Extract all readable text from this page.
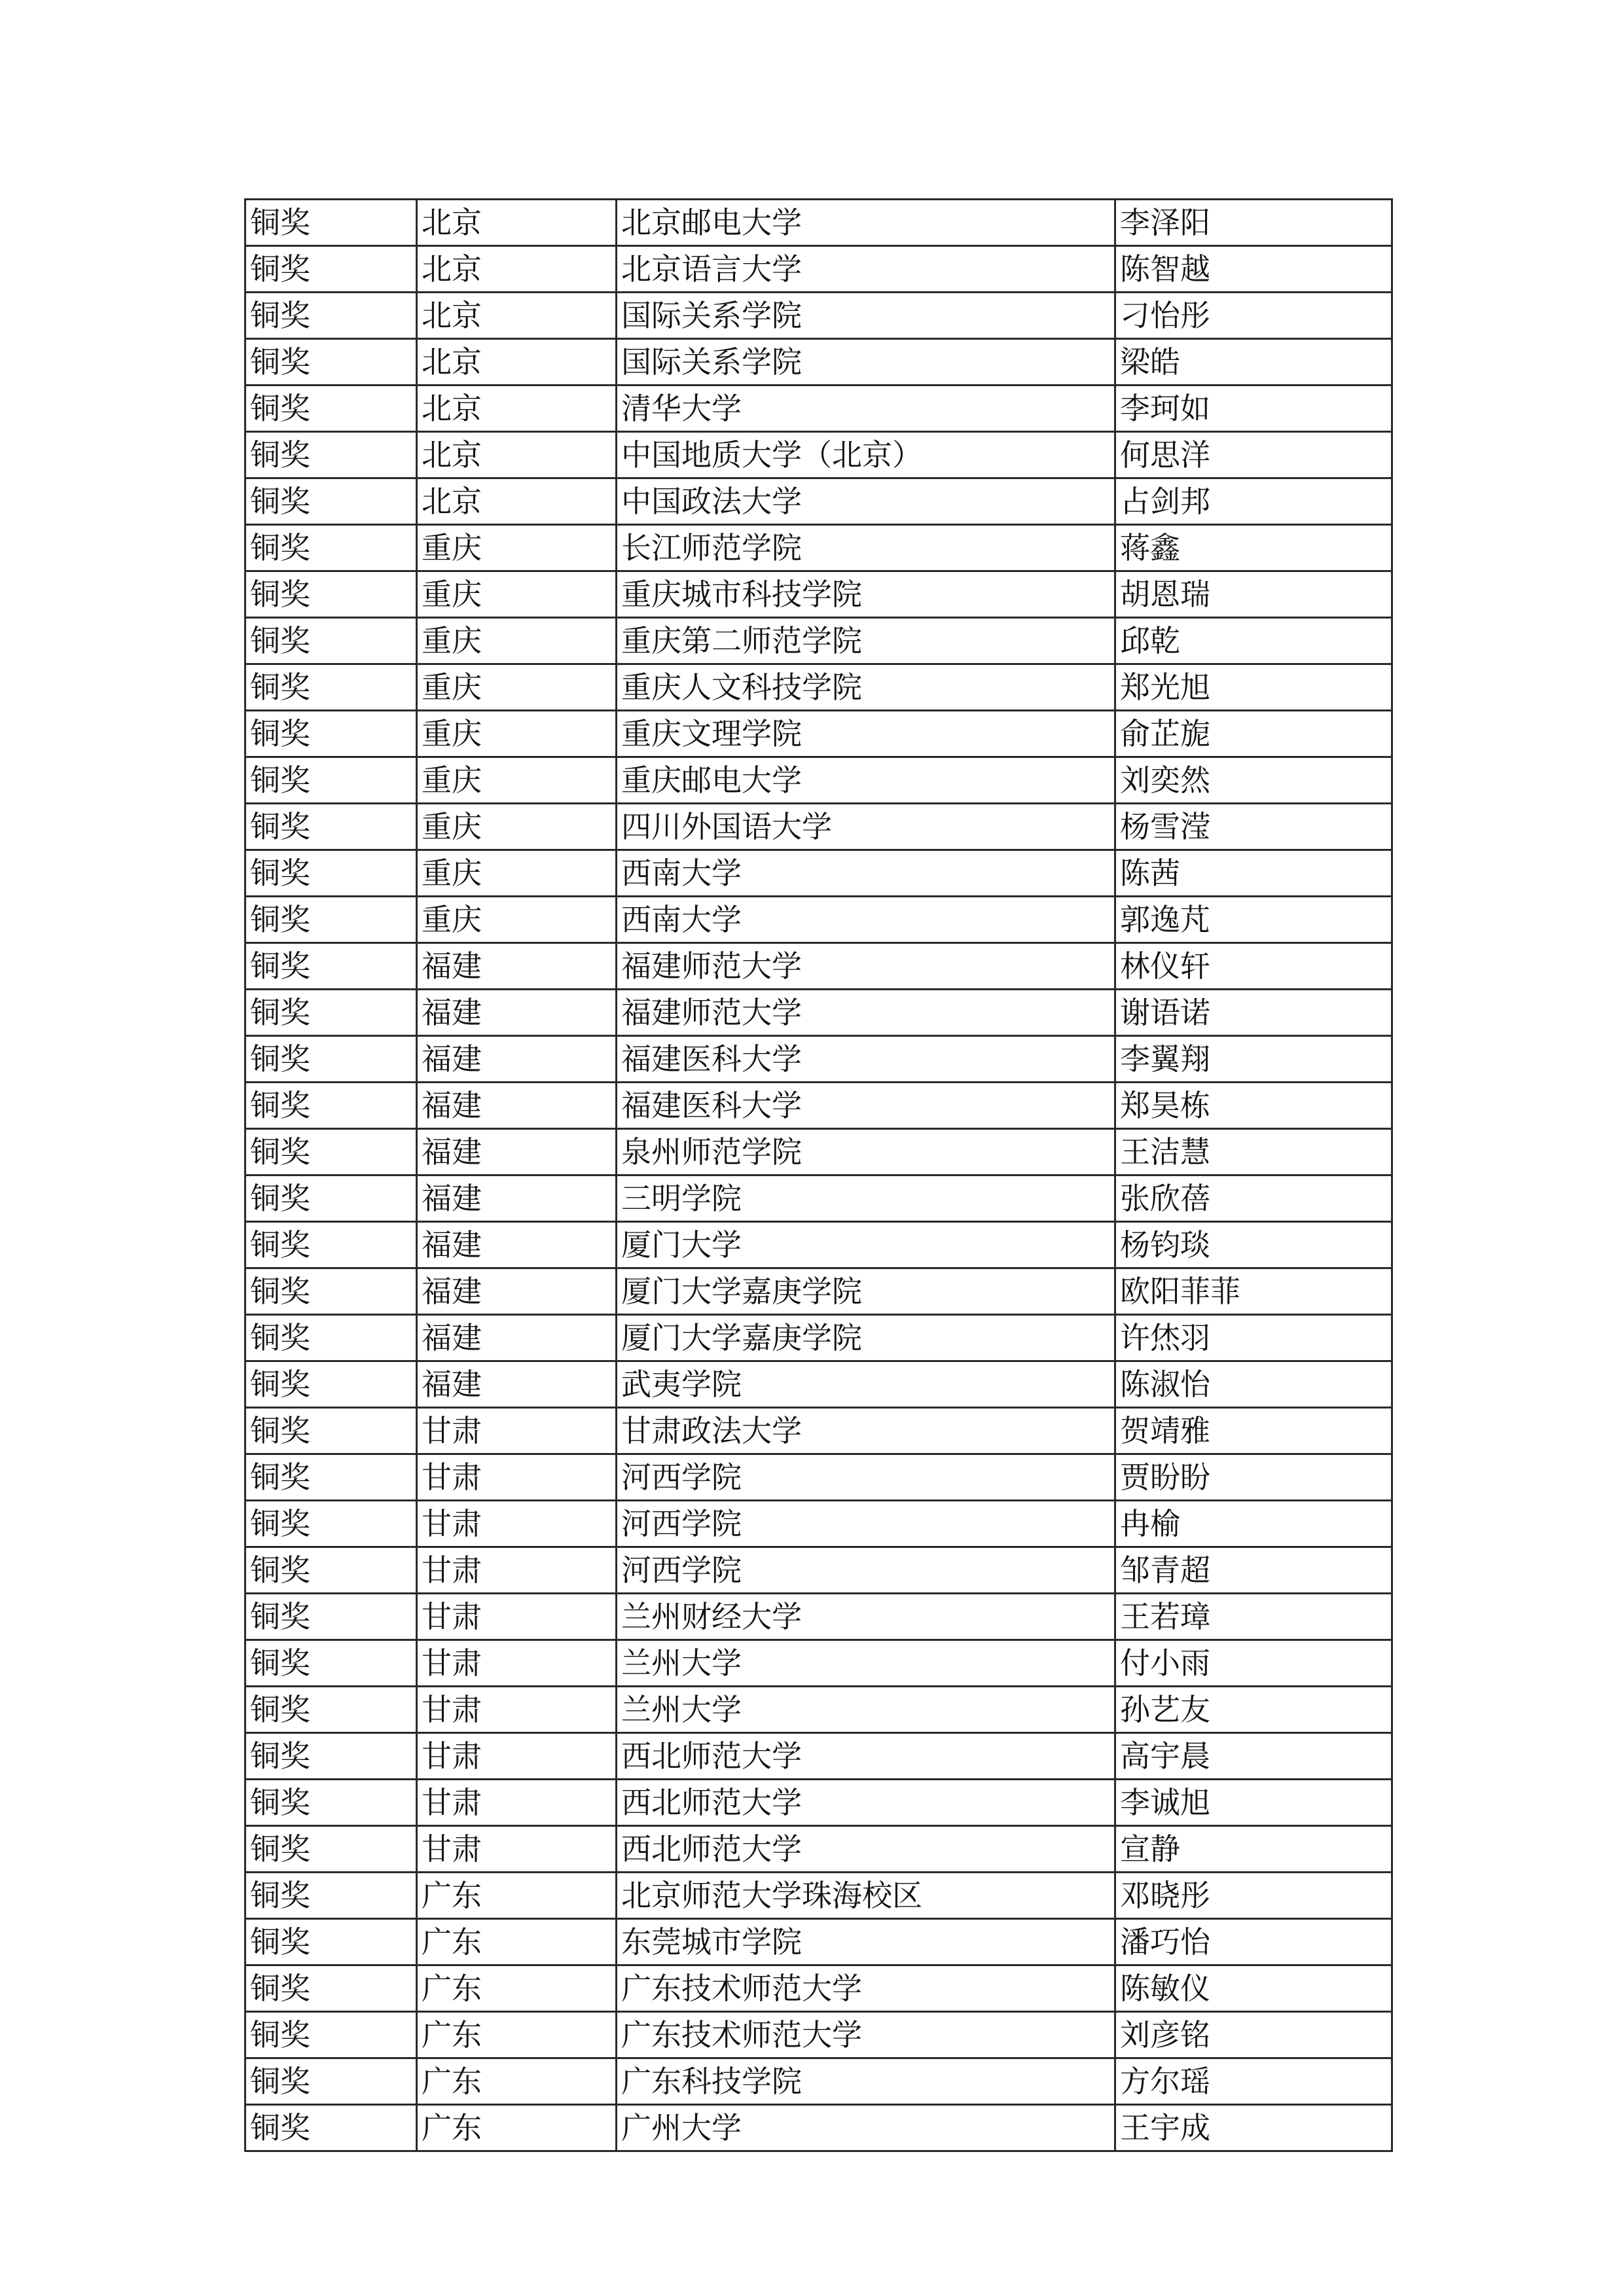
铜奖	北京	北京邮电大学	李泽阳
铜奖	北京	北京语言大学	陈智越
铜奖	北京	国际关系学院	刁怡彤
铜奖	北京	国际关系学院	梁皓
铜奖	北京	清华大学	李珂如
铜奖	北京	中国地质大学（北京）	何思洋
铜奖	北京	中国政法大学	占剑邦
铜奖	重庆	长江师范学院	蒋鑫
铜奖	重庆	重庆城市科技学院	胡恩瑞
铜奖	重庆	重庆第二师范学院	邱乾
铜奖	重庆	重庆人文科技学院	郑光旭
铜奖	重庆	重庆文理学院	俞芷旎
铜奖	重庆	重庆邮电大学	刘奕然
铜奖	重庆	四川外国语大学	杨雪滢
铜奖	重庆	西南大学	陈茜
铜奖	重庆	西南大学	郭逸芃
铜奖	福建	福建师范大学	林仪轩
铜奖	福建	福建师范大学	谢语诺
铜奖	福建	福建医科大学	李翼翔
铜奖	福建	福建医科大学	郑昊栋
铜奖	福建	泉州师范学院	王洁慧
铜奖	福建	三明学院	张欣蓓
铜奖	福建	厦门大学	杨钧琰
铜奖	福建	厦门大学嘉庚学院	欧阳菲菲
铜奖	福建	厦门大学嘉庚学院	许烋羽
铜奖	福建	武夷学院	陈淑怡
铜奖	甘肃	甘肃政法大学	贺靖雅
铜奖	甘肃	河西学院	贾盼盼
铜奖	甘肃	河西学院	冉榆
铜奖	甘肃	河西学院	邹青超
铜奖	甘肃	兰州财经大学	王若璋
铜奖	甘肃	兰州大学	付小雨
铜奖	甘肃	兰州大学	孙艺友
铜奖	甘肃	西北师范大学	高宇晨
铜奖	甘肃	西北师范大学	李诚旭
铜奖	甘肃	西北师范大学	宣静
铜奖	广东	北京师范大学珠海校区	邓晓彤
铜奖	广东	东莞城市学院	潘巧怡
铜奖	广东	广东技术师范大学	陈敏仪
铜奖	广东	广东技术师范大学	刘彦铭
铜奖	广东	广东科技学院	方尔瑶
铜奖	广东	广州大学	王宇成
